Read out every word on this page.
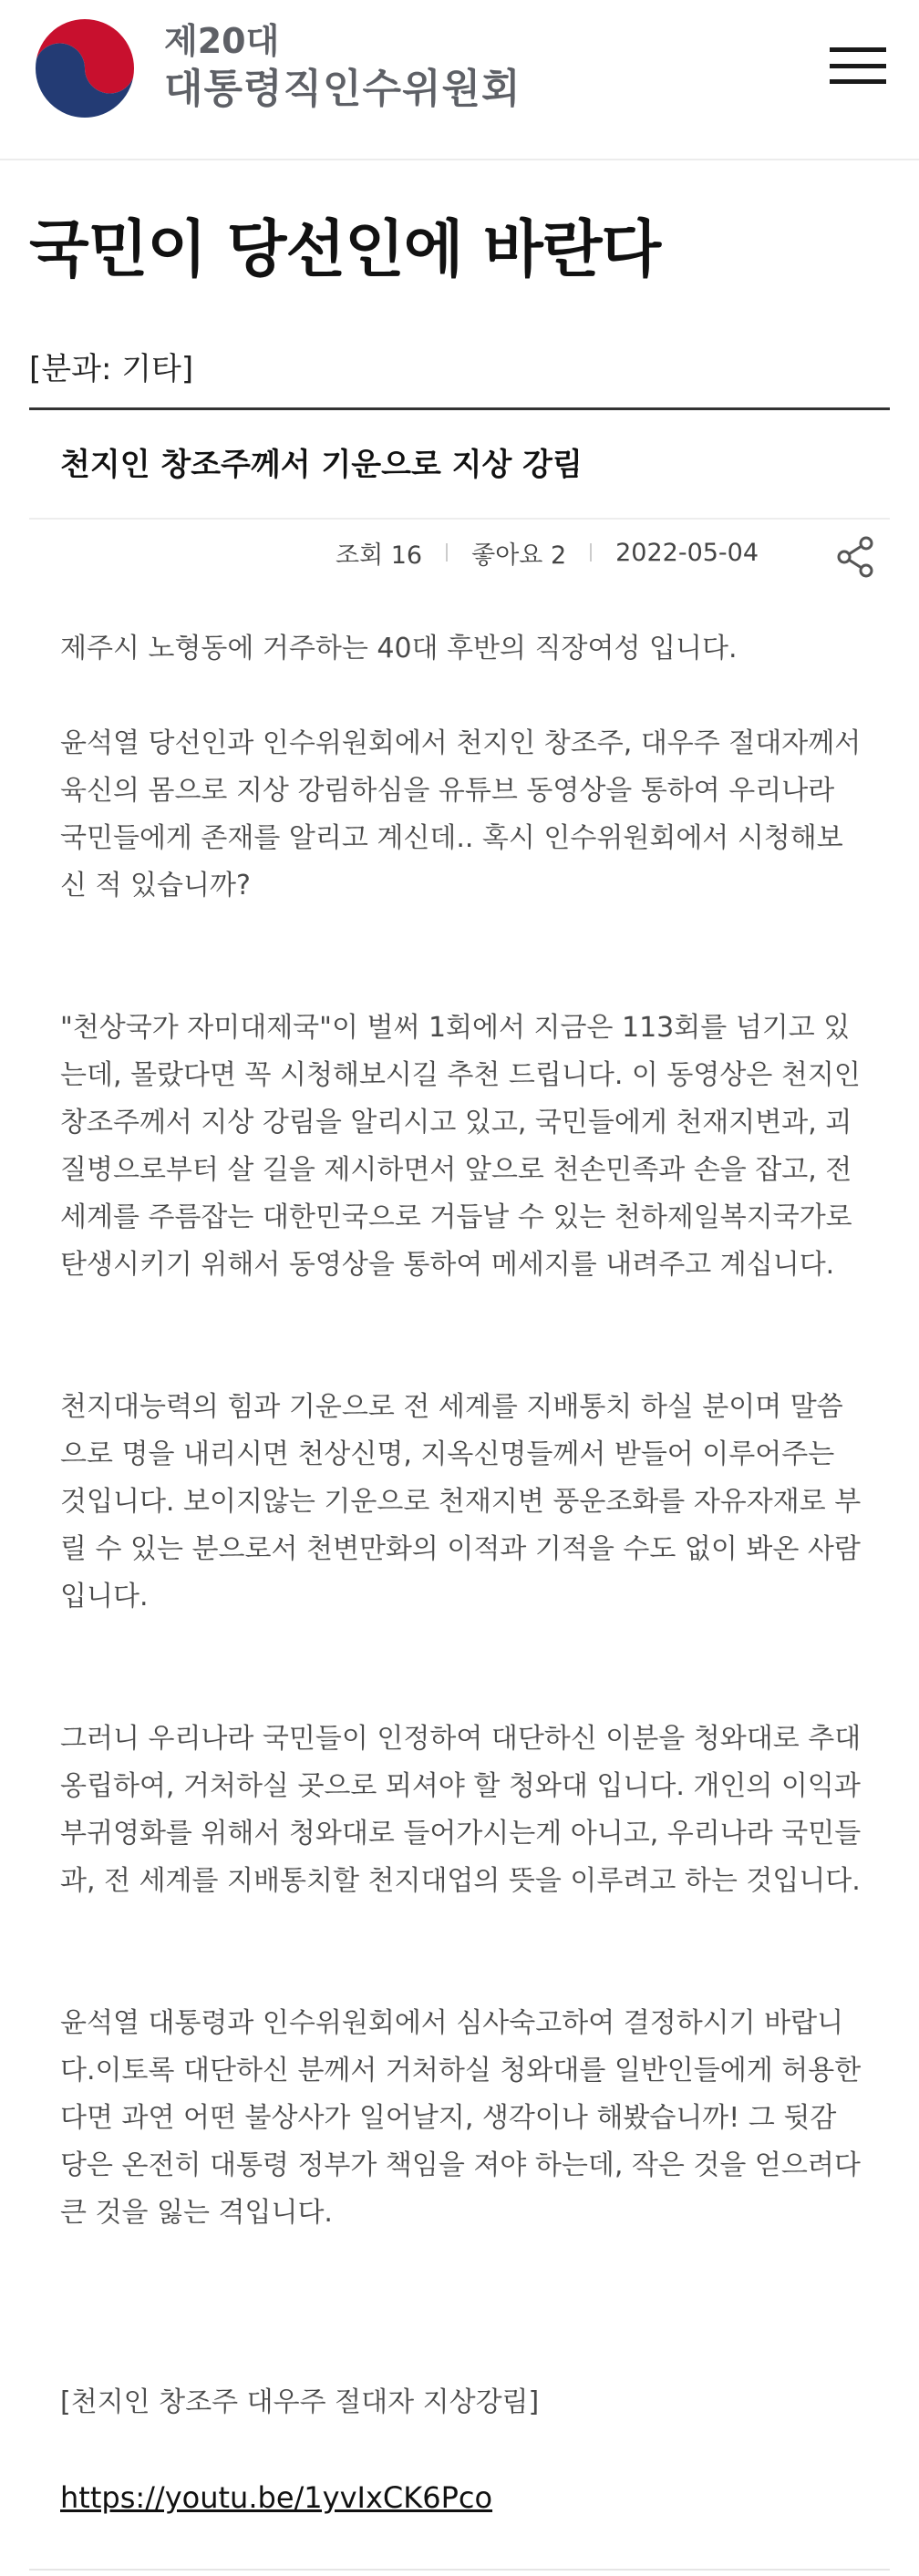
제20대
대통령직인수위원회
국민이 당선인에 바란다
[분과: 기타]
천지인 창조주께서 기운으로 지상 강림
조회 16 좋아요 2 2022-05-04
제주시 노형동에 거주하는 40대 후반의 직장여성 입니다.
윤석열 당선인과 인수위원회에서 천지인 창조주, 대우주 절대자께서 육신의 몸으로 지상 강림하심을 유튜브 동영상을 통하여 우리나라 국민들에게 존재를 알리고 계신데.. 혹시 인수위원회에서 시청해보신 적 있습니까?
"천상국가 자미대제국"이 벌써 1회에서 지금은 113회를 넘기고 있는데, 몰랐다면 꼭 시청해보시길 추천 드립니다. 이 동영상은 천지인 창조주께서 지상 강림을 알리시고 있고, 국민들에게 천재지변과, 괴질병으로부터 살 길을 제시하면서 앞으로 천손민족과 손을 잡고, 전 세계를 주름잡는 대한민국으로 거듭날 수 있는 천하제일복지국가로 탄생시키기 위해서 동영상을 통하여 메세지를 내려주고 계십니다.
천지대능력의 힘과 기운으로 전 세계를 지배통치 하실 분이며 말씀으로 명을 내리시면 천상신명, 지옥신명들께서 받들어 이루어주는 것입니다. 보이지않는 기운으로 천재지변 풍운조화를 자유자재로 부릴 수 있는 분으로서 천변만화의 이적과 기적을 수도 없이 봐온 사람입니다.
그러니 우리나라 국민들이 인정하여 대단하신 이분을 청와대로 추대 옹립하여, 거처하실 곳으로 뫼셔야 할 청와대 입니다. 개인의 이익과 부귀영화를 위해서 청와대로 들어가시는게 아니고, 우리나라 국민들과, 전 세계를 지배통치할 천지대업의 뜻을 이루려고 하는 것입니다.
윤석열 대통령과 인수위원회에서 심사숙고하여 결정하시기 바랍니다.이토록 대단하신 분께서 거처하실 청와대를 일반인들에게 허용한다면 과연 어떤 불상사가 일어날지, 생각이나 해봤습니까! 그 뒷감당은 온전히 대통령 정부가 책임을 져야 하는데, 작은 것을 얻으려다 큰 것을 잃는 격입니다.
[천지인 창조주 대우주 절대자 지상강림]
https://youtu.be/1yvIxCK6Pco
